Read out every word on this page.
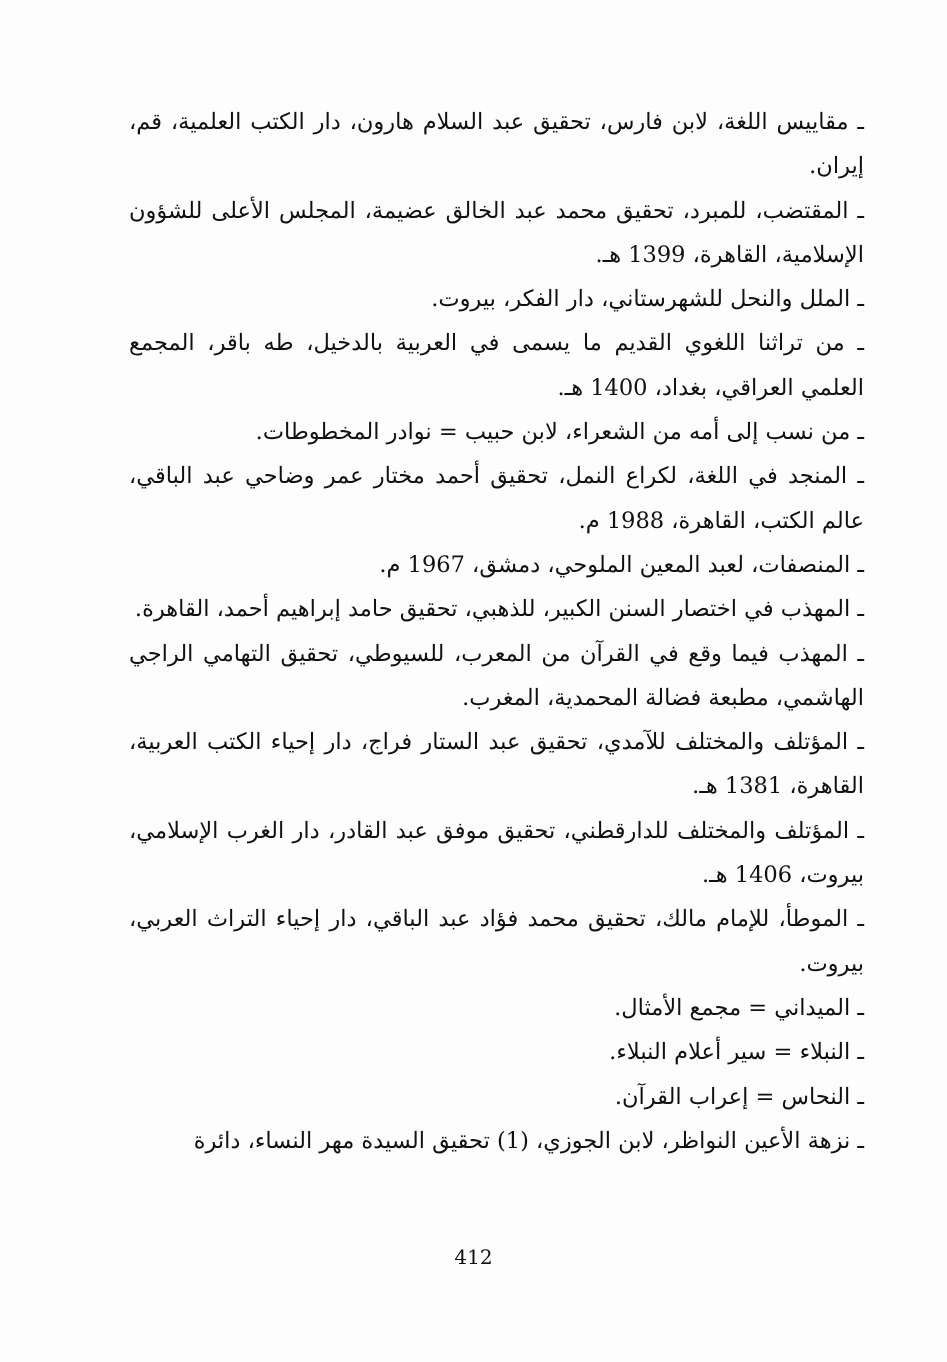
ـ مقاييس اللغة، لابن فارس، تحقيق عبد السلام هارون، دار الكتب العلمية، قم، إيران.
ـ المقتضب، للمبرد، تحقيق محمد عبد الخالق عضيمة، المجلس الأعلى للشؤون الإسلامية، القاهرة، 1399 هـ.
ـ الملل والنحل للشهرستاني، دار الفكر، بيروت.
ـ من تراثنا اللغوي القديم ما يسمى في العربية بالدخيل، طه باقر، المجمع العلمي العراقي، بغداد، 1400 هـ.
ـ من نسب إلى أمه من الشعراء، لابن حبيب = نوادر المخطوطات.
ـ المنجد في اللغة، لكراع النمل، تحقيق أحمد مختار عمر وضاحي عبد الباقي، عالم الكتب، القاهرة، 1988 م.
ـ المنصفات، لعبد المعين الملوحي، دمشق، 1967 م.
ـ المهذب في اختصار السنن الكبير، للذهبي، تحقيق حامد إبراهيم أحمد، القاهرة.
ـ المهذب فيما وقع في القرآن من المعرب، للسيوطي، تحقيق التهامي الراجي الهاشمي، مطبعة فضالة المحمدية، المغرب.
ـ المؤتلف والمختلف للآمدي، تحقيق عبد الستار فراج، دار إحياء الكتب العربية، القاهرة، 1381 هـ.
ـ المؤتلف والمختلف للدارقطني، تحقيق موفق عبد القادر، دار الغرب الإسلامي، بيروت، 1406 هـ.
ـ الموطأ، للإمام مالك، تحقيق محمد فؤاد عبد الباقي، دار إحياء التراث العربي، بيروت.
ـ الميداني = مجمع الأمثال.
ـ النبلاء = سير أعلام النبلاء.
ـ النحاس = إعراب القرآن.
ـ نزهة الأعين النواظر، لابن الجوزي، (1) تحقيق السيدة مهر النساء، دائرة
412
